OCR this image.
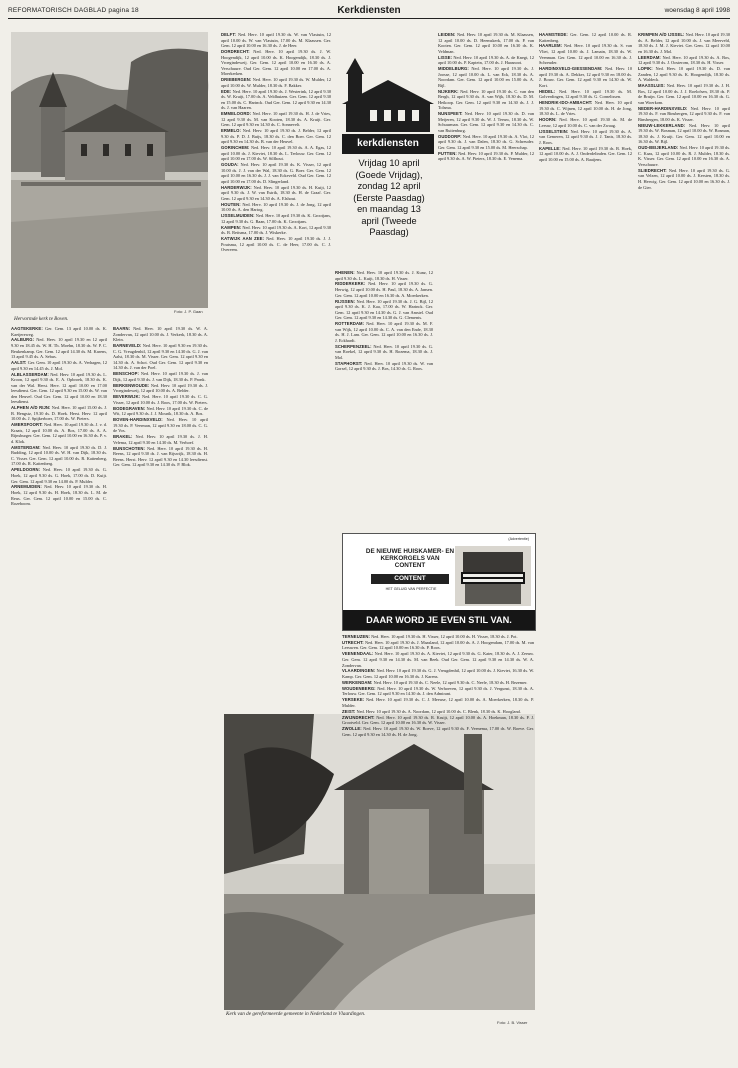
REFORMATORISCH DAGBLAD pagina 18	Kerkdiensten	woensdag 8 april 1998
Foto: J. P. Gaan
Hervormde kerk te Boven.
kerkdiensten
Vrijdag 10 april
(Goede Vrijdag),
zondag 12 april
(Eerste Paasdag)
en maandag 13
april (Tweede
Paasdag)
(Advertentie)
DE NIEUWE HUISKAMER- EN KERKORGELS VAN CONTENT
CONTENT
HET GELUID VAN PERFECTIE
DAAR WORD JE EVEN STIL VAN.
Kerk van de gereformeerde gemeente in Nederland te Vlaardingen.
Foto: J. B. Visser

AAGTEKERKE: Ger. Gem. 13 april 10.00 ds. K. Kaeijereweg.

AALBURG: Ned. Herv. 10 april 19.30 en 12 april 9.30 en 18.45 ds. W. H. Th. Moehn, 18.30 ds. W. P. C. Beukenkamp. Ger. Gem. 12 april 14.30 ds. M. Karens, 13 april 9.45 ds. A. Sebus.

AALST: Ger. Gem. 10 april 19.30 ds. A. Verhagen, 12 april 9.30 en 14.45 ds. J. Mol.

ALBLASSERDAM: Ned. Herv. 10 april 19.30 ds. L. Kroon, 12 april 9.30 ds. E. A. Opbroek, 18.30 ds. K. van der Wal. Herst. Herv. 12 april 10.00 en 17.00 leesdienst. Ger. Gem. 12 april 9.30 en 15.00 ds. W. van den Heuvel. Oud Ger. Gem. 12 april 10.00 en 18.30 leesdienst.

ALPHEN A/D RIJN: Ned. Herv. 10 april 15.00 ds. J. B. Hengstz, 19.30 ds. D. Hoek. Herst. Herv. 12 april 10.00 ds. J. Spijkerboer, 17.00 ds. W. Pieters.

AMERSFOORT: Ned. Herv. 10 april 19.30 ds. J. v. d. Kraats, 12 april 10.00 ds. A. Bos, 17.00 ds. A. A. Rijnsburger. Ger. Gem. 12 april 10.00 en 16.30 ds. P. v. d. Klok.

AMSTERDAM: Ned. Herv. 10 april 19.30 ds. D. J. Budding, 12 april 10.00 ds. W. H. van Dijk, 18.30 ds. C. Visser. Ger. Gem. 12 april 10.00 ds. R. Kattenberg, 17.00 ds. R. Kattenberg.

APELDOORN: Ned. Herv. 10 april 19.30 ds. G. Hoek, 12 april 9.30 ds. G. Hoek, 17.00 ds. D. Kuijt. Ger. Gem. 12 april 9.30 en 14.00 ds. P. Mulder.

ARNEMUIDEN: Ned. Herv. 10 april 19.30 ds. H. Hoek, 12 april 9.30 ds. H. Hoek, 18.30 ds. L. M. de Reus. Ger. Gem. 12 april 10.00 en 15.00 ds. C. Rozeboom.

BAARN: Ned. Herv. 10 april 19.30 ds. W. A. Zondervan, 12 april 10.00 ds. J. Verkerk, 18.30 ds. A. Klein.

BARNEVELD: Ned. Herv. 10 april 9.30 en 19.30 ds. C. G. Vreugdenhil, 12 april 9.30 en 14.30 ds. G. J. van Aalst, 18.30 ds. M. Visser. Ger. Gem. 12 april 9.30 en 14.30 ds. A. Schot. Oud Ger. Gem. 12 april 9.30 en 14.30 ds. J. van der Poel.

BENSCHOP: Ned. Herv. 10 april 19.30 ds. J. van Dijk, 12 april 9.30 ds. J. van Dijk, 18.30 ds. P. Pronk.

BERKENWOUDE: Ned. Herv. 10 april 19.30 ds. J. Vroegindeweij, 12 april 10.00 ds. A. Belder.

BEVERWIJK: Ned. Herv. 10 april 19.30 ds. C. G. Visser, 12 april 10.00 ds. J. Roos, 17.00 ds. W. Pieters.

BODEGRAVEN: Ned. Herv. 10 april 19.30 ds. C. de Wit, 12 april 9.30 ds. J. J. Mourik, 18.30 ds. A. Bos.

BOVEN-HARDINXVELD: Ned. Herv. 10 april 19.30 ds. P. Veerman, 12 april 9.30 en 18.00 ds. C. G. de Vos.

BRAKEL: Ned. Herv. 10 april 19.30 ds. J. H. Velema, 12 april 9.30 en 14.30 ds. M. Verhoef.

BUNSCHOTEN: Ned. Herv. 10 april 19.30 ds. H. Beens, 12 april 9.30 ds. J. van Rijswijk, 18.30 ds. H. Beens. Herst. Herv. 12 april 9.30 en 14.30 leesdienst. Ger. Gem. 12 april 9.30 en 14.30 ds. P. Blok.

DELFT: Ned. Herv. 10 april 19.30 ds. W. van Vlastuin, 12 april 10.00 ds. W. van Vlastuin, 17.00 ds. M. Klaassen. Ger. Gem. 12 april 10.00 en 16.30 ds. J. de Heer.

DORDRECHT: Ned. Herv. 10 april 19.30 ds. J. W. Hoogendijk, 12 april 10.00 ds. K. Hoogendijk, 18.30 ds. J. Vroegindeweij. Ger. Gem. 12 april 10.00 en 16.30 ds. A. Verschuure. Oud Ger. Gem. 12 april 10.00 en 17.00 ds. A. Moerkerken.

DRIEBERGEN: Ned. Herv. 10 april 19.30 ds. W. Mulder, 12 april 10.00 ds. W. Mulder, 18.30 ds. F. Bakker.

EDE: Ned. Herv. 10 april 19.30 ds. J. Westerink, 12 april 9.30 ds. W. Kruijt, 17.00 ds. A. Veldhuizen. Ger. Gem. 12 april 9.30 en 15.00 ds. C. Harinck. Oud Ger. Gem. 12 april 9.30 en 14.30 ds. J. van Haaren.

EMMELOORD: Ned. Herv. 10 april 19.30 ds. H. J. de Vries, 12 april 9.30 ds. M. van Kooten, 18.30 ds. A. Kruijt. Ger. Gem. 12 april 9.30 en 14.30 ds. C. Sonnevelt.

ERMELO: Ned. Herv. 10 april 19.30 ds. J. Belder, 12 april 9.30 ds. P. D. J. Buijs, 18.30 ds. C. den Boer. Ger. Gem. 12 april 9.30 en 14.30 ds. B. van der Heuvel.

GORINCHEM: Ned. Herv. 10 april 19.30 ds. A. A. Egas, 12 april 10.00 ds. J. Kieviet, 18.30 ds. L. Terlouw. Ger. Gem. 12 april 10.00 en 17.00 ds. W. Silfhout.

GOUDA: Ned. Herv. 10 april 19.30 ds. K. Visser, 12 april 10.00 ds. J. J. van der Wal, 18.30 ds. G. Boer. Ger. Gem. 12 april 10.00 en 16.30 ds. J. J. van Eckeveld. Oud Ger. Gem. 12 april 10.00 en 17.00 ds. D. Slingerland.

HARDERWIJK: Ned. Herv. 10 april 19.30 ds. H. Kuijt, 12 april 9.30 ds. J. W. van Estrik, 18.30 ds. H. de Graaf. Ger. Gem. 12 april 9.30 en 14.30 ds. A. Elshout.

HOUTEN: Ned. Herv. 10 april 19.30 ds. J. de Jong, 12 april 10.00 ds. A. den Hartog.

IJSSELMUIDEN: Ned. Herv. 10 april 19.30 ds. K. Grootjans, 12 april 9.30 ds. G. Baan, 17.00 ds. K. Grootjans.

KAMPEN: Ned. Herv. 10 april 19.30 ds. A. Kort, 12 april 9.30 ds. B. Reitsma, 17.00 ds. J. Wiskerke.

KATWIJK AAN ZEE: Ned. Herv. 10 april 19.30 ds. J. J. Poutsma, 12 april 10.00 ds. C. de Heer, 17.00 ds. C. J. Overeem.

LEIDEN: Ned. Herv. 10 april 19.30 ds. M. Klaassen, 12 april 10.00 ds. D. Heemskerk, 17.00 ds. P. van Kooten. Ger. Gem. 12 april 10.00 en 16.30 ds. K. Veldman.

LISSE: Ned. Herv. 10 april 19.30 ds. A. de Knegt, 12 april 10.00 ds. P. Kaptein, 17.00 ds. J. Haasnoot.

MIDDELBURG: Ned. Herv. 10 april 19.30 ds. J. Joosse, 12 april 10.00 ds. L. van Eck, 18.30 ds. A. Noordam. Ger. Gem. 12 april 10.00 en 15.00 ds. A. Bijl.

NIJKERK: Ned. Herv. 10 april 19.30 ds. C. van den Bergh, 12 april 9.30 ds. A. van Wijk, 18.30 ds. D. M. Heikoop. Ger. Gem. 12 april 9.30 en 14.30 ds. J. J. Tolsma.

NUNSPEET: Ned. Herv. 10 april 19.30 ds. D. van Meijeren, 12 april 9.30 ds. W. J. Teeuw, 18.30 ds. W. Schuurman. Ger. Gem. 12 april 9.30 en 14.30 ds. C. van Ruitenburg.

OUDDORP: Ned. Herv. 10 april 19.30 ds. A. Vlot, 12 april 9.30 ds. J. van Dalen, 18.30 ds. G. Schreuder. Ger. Gem. 12 april 9.30 en 15.00 ds. M. Heerschap.

PUTTEN: Ned. Herv. 10 april 19.30 ds. P. Mulder, 12 april 9.30 ds. A. W. Pieters, 18.30 ds. E. Venema.

RHENEN: Ned. Herv. 10 april 19.30 ds. J. Kunz, 12 april 9.30 ds. L. Kuijt, 18.30 ds. H. Visser.

RIDDERKERK: Ned. Herv. 10 april 19.30 ds. G. Herwig, 12 april 10.00 ds. H. Paul, 18.30 ds. A. Jansen. Ger. Gem. 12 april 10.00 en 16.30 ds. A. Moerkerken.

RIJSSEN: Ned. Herv. 10 april 19.30 ds. J. G. Bijl, 12 april 9.30 ds. K. J. Kaa, 17.00 ds. W. Harinck. Ger. Gem. 12 april 9.30 en 14.30 ds. G. J. van Amstel. Oud Ger. Gem. 12 april 9.30 en 14.30 ds. G. Clements.

ROTTERDAM: Ned. Herv. 10 april 19.30 ds. M. F. van Wijk, 12 april 10.00 ds. C. A. van den Ende, 18.30 ds. H. J. Lam. Ger. Gem. 12 april 10.00 en 16.30 ds. J. J. Eckhardt.

SCHERPENZEEL: Ned. Herv. 10 april 19.30 ds. G. van Roekel, 12 april 9.30 ds. H. Rozema, 18.30 ds. J. Mol.

STAPHORST: Ned. Herv. 10 april 19.30 ds. W. van Gorsel, 12 april 9.30 ds. J. Bos, 14.30 ds. G. Roos.

TERNEUZEN: Ned. Herv. 10 april 19.30 ds. H. Visser, 12 april 10.00 ds. H. Visser, 18.30 ds. J. Pot.

UTRECHT: Ned. Herv. 10 april 19.30 ds. J. Maasland, 12 april 10.00 ds. A. J. Hoogendam, 17.00 ds. M. van Leeuwen. Ger. Gem. 12 april 10.00 en 16.30 ds. P. Roos.

VEENENDAAL: Ned. Herv. 10 april 19.30 ds. A. Kieviet, 12 april 9.30 ds. G. Kater, 18.30 ds. A. J. Zeeuw. Ger. Gem. 12 april 9.30 en 14.30 ds. M. van Beek. Oud Ger. Gem. 12 april 9.30 en 14.30 ds. W. A. Zondervan.

VLAARDINGEN: Ned. Herv. 10 april 19.30 ds. G. J. Vreugdenhil, 12 april 10.00 ds. J. Kieviet, 16.30 ds. W. Kamp. Ger. Gem. 12 april 10.00 en 16.30 ds. J. Karens.

WERKENDAM: Ned. Herv. 10 april 19.30 ds. C. Neele, 12 april 9.30 ds. C. Neele, 18.30 ds. H. Bezemer.

WOUDENBERG: Ned. Herv. 10 april 19.30 ds. W. Verhoeven, 12 april 9.30 ds. J. Vergunst, 18.30 ds. A. Terlouw. Ger. Gem. 12 april 9.30 en 14.30 ds. J. den Admirant.

YERSEKE: Ned. Herv. 10 april 19.30 ds. C. J. Meeuse, 12 april 10.00 ds. A. Moerkerken, 18.30 ds. P. Mulder.

ZEIST: Ned. Herv. 10 april 19.30 ds. A. Noordam, 12 april 10.00 ds. C. Blenk, 18.30 ds. K. Hoogland.

ZWIJNDRECHT: Ned. Herv. 10 april 19.30 ds. R. Kruijt, 12 april 10.00 ds. A. Hoekman, 18.30 ds. P. J. Grootveld. Ger. Gem. 12 april 10.00 en 16.30 ds. W. Visser.

ZWOLLE: Ned. Herv. 10 april 19.30 ds. W. Boeve, 12 april 9.30 ds. F. Veenema, 17.00 ds. W. Boeve. Ger. Gem. 12 april 9.30 en 14.30 ds. H. de Jong.

HAAMSTEDE: Ger. Gem. 12 april 10.00 ds. R. Kattenberg.

HAARLEM: Ned. Herv. 10 april 19.30 ds. S. van Vliet, 12 april 10.00 ds. J. Lamain, 18.30 ds. W. Veenman. Ger. Gem. 12 april 10.00 en 16.30 ds. J. Schreuder.

HARDINXVELD-GIESSENDAM: Ned. Herv. 10 april 19.30 ds. A. Dekker, 12 april 9.30 en 18.00 ds. J. Bouw. Ger. Gem. 12 april 9.30 en 14.30 ds. W. Kort.

HEDEL: Ned. Herv. 10 april 19.30 ds. M. Golverdingen, 12 april 9.30 ds. G. Cornelissen.

HENDRIK-IDO-AMBACHT: Ned. Herv. 10 april 19.30 ds. C. Wijnen, 12 april 10.00 ds. H. de Jong, 18.30 ds. L. de Vries.

HOORN: Ned. Herv. 10 april 19.30 ds. M. de Leeuw, 12 april 10.00 ds. C. van der Zwaag.

IJSSELSTEIN: Ned. Herv. 10 april 19.30 ds. A. van Gemeren, 12 april 9.30 ds. J. J. Tanis, 18.30 ds. J. Roos.

KAPELLE: Ned. Herv. 10 april 19.30 ds. B. Hoek, 12 april 10.00 ds. A. J. Onderdelinden. Ger. Gem. 12 april 10.00 en 15.00 ds. A. Baaijens.

KRIMPEN A/D IJSSEL: Ned. Herv. 10 april 19.30 ds. A. Belder, 12 april 10.00 ds. J. van Meerveld, 18.30 ds. J. M. J. Kieviet. Ger. Gem. 12 april 10.00 en 16.30 ds. J. Mol.

LEERDAM: Ned. Herv. 10 april 19.30 ds. A. Bos, 12 april 9.30 ds. J. Oosterom, 18.30 ds. H. Visser.

LOPIK: Ned. Herv. 10 april 19.30 ds. D. van Zanden, 12 april 9.30 ds. K. Hoogendijk, 18.30 ds. A. Waldeck.

MAASSLUIS: Ned. Herv. 10 april 19.30 ds. J. H. Bos, 12 april 10.00 ds. J. J. Roelofsen, 18.30 ds. P. de Bruijn. Ger. Gem. 12 april 10.00 en 16.30 ds. G. van Woerkom.

NEDER-HARDINXVELD: Ned. Herv. 10 april 19.30 ds. F. van Binsbergen, 12 april 9.30 ds. F. van Binsbergen, 18.00 ds. K. Visser.

NIEUW-LEKKERLAND: Ned. Herv. 10 april 19.30 ds. W. Bosman, 12 april 10.00 ds. W. Bosman, 18.30 ds. J. Kruijt. Ger. Gem. 12 april 10.00 en 16.30 ds. W. Bijl.

OUD-BEIJERLAND: Ned. Herv. 10 april 19.30 ds. C. Kaas, 12 april 10.00 ds. R. J. Mulder, 18.30 ds. K. Visser. Ger. Gem. 12 april 10.00 en 16.30 ds. A. Verschuure.

SLIEDRECHT: Ned. Herv. 10 april 19.30 ds. G. van Velzen, 12 april 10.00 ds. J. Kersten, 18.30 ds. H. Herwig. Ger. Gem. 12 april 10.00 en 16.30 ds. J. de Gier.
